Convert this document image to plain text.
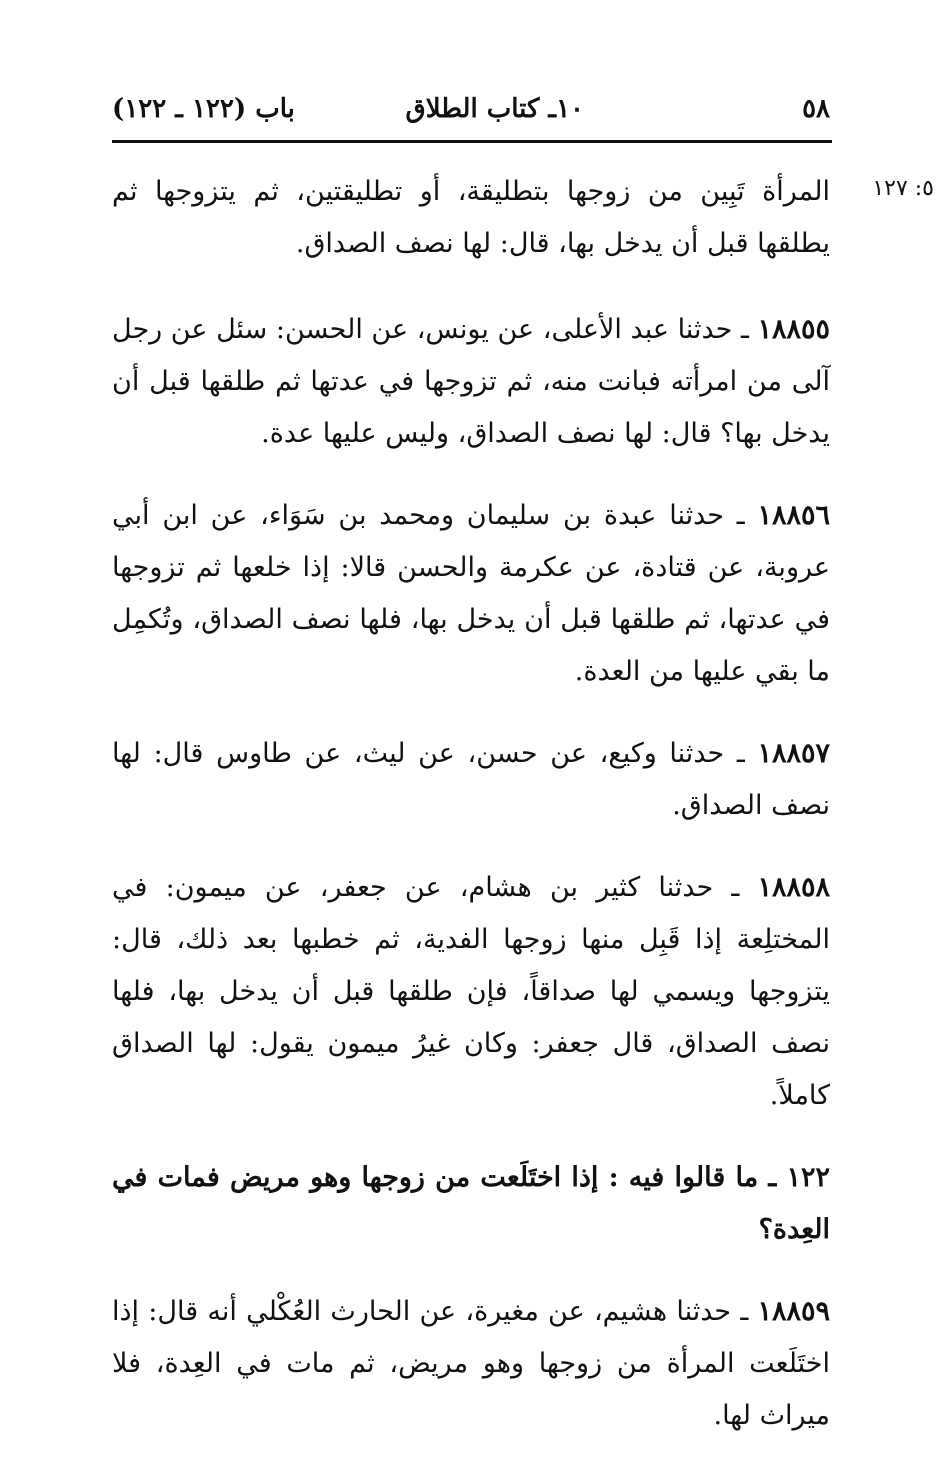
٥٨
١٠ـ كتاب الطلاق
باب (١٢٢ ـ ١٢٢)
٥: ١٢٧

المرأة تَبِين من زوجها بتطليقة، أو تطليقتين، ثم يتزوجها ثم يطلقها قبل أن يدخل بها، قال: لها نصف الصداق.

١٨٨٥٥ ـ حدثنا عبد الأعلى، عن يونس، عن الحسن: سئل عن رجل آلى من امرأته فبانت منه، ثم تزوجها في عدتها ثم طلقها قبل أن يدخل بها؟ قال: لها نصف الصداق، وليس عليها عدة.

١٨٨٥٦ ـ حدثنا عبدة بن سليمان ومحمد بن سَوَاء، عن ابن أبي عروبة، عن قتادة، عن عكرمة والحسن قالا: إذا خلعها ثم تزوجها في عدتها، ثم طلقها قبل أن يدخل بها، فلها نصف الصداق، وتُكمِل ما بقي عليها من العدة.

١٨٨٥٧ ـ حدثنا وكيع، عن حسن، عن ليث، عن طاوس قال: لها نصف الصداق.

١٨٨٥٨ ـ حدثنا كثير بن هشام، عن جعفر، عن ميمون: في المختلِعة إذا قَبِل منها زوجها الفدية، ثم خطبها بعد ذلك، قال: يتزوجها ويسمي لها صداقاً، فإن طلقها قبل أن يدخل بها، فلها نصف الصداق، قال جعفر: وكان غيرُ ميمون يقول: لها الصداق كاملاً.

١٢٢ ـ ما قالوا فيه : إذا اختَلَعت من زوجها وهو مريض فمات في العِدة؟

١٨٨٥٩ ـ حدثنا هشيم، عن مغيرة، عن الحارث العُكْلي أنه قال: إذا اختَلَعت المرأة من زوجها وهو مريض، ثم مات في العِدة، فلا ميراث لها.
